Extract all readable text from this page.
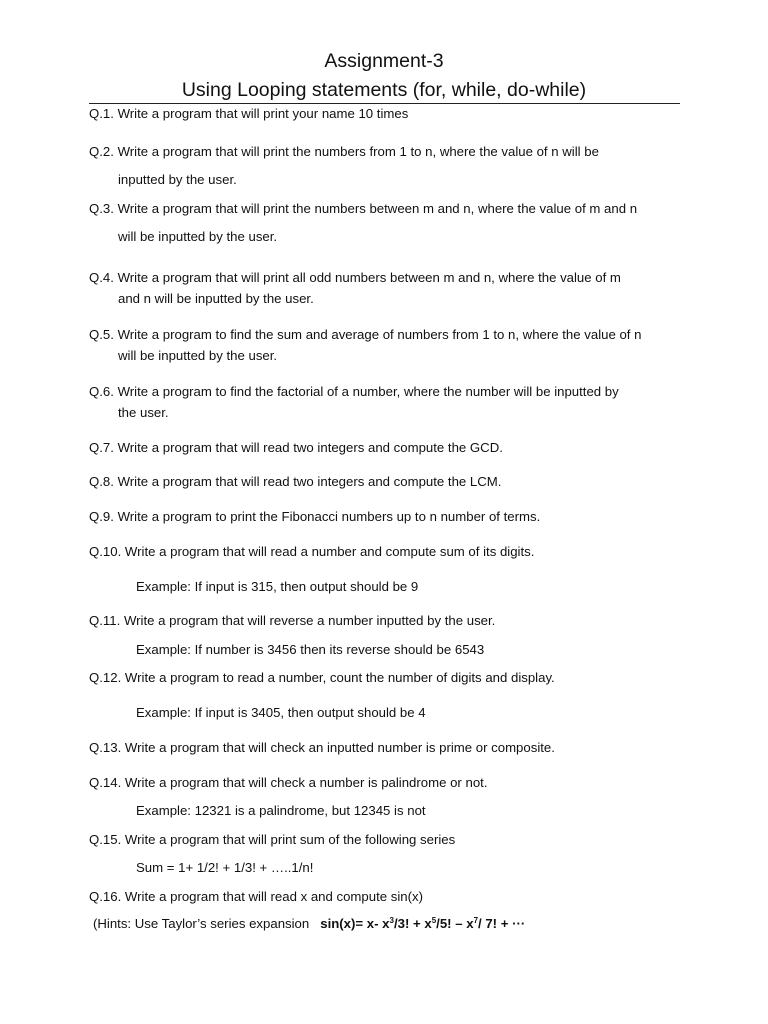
Assignment-3
Using Looping statements (for, while, do-while)
Q.1. Write a program that will print your name 10 times
Q.2. Write a program that will print the numbers from 1 to n, where the value of n will be
inputted by the user.
Q.3. Write a program that will print the numbers between m and n, where the value of m and n
will be inputted by the user.
Q.4. Write a program that will print all odd numbers between m and n, where the value of m
and n will be inputted by the user.
Q.5. Write a program to find the sum and average of numbers from 1 to n, where the value of n
will be inputted by the user.
Q.6. Write a program to find the factorial of a number, where the number will be inputted by
the user.
Q.7. Write a program that will read two integers and compute the GCD.
Q.8. Write a program that will read two integers and compute the LCM.
Q.9. Write a program to print the Fibonacci numbers up to n number of terms.
Q.10. Write a program that will read a number and compute sum of its digits.
Example: If input is 315, then output should be 9
Q.11. Write a program that will reverse a number inputted by the user.
Example: If number is 3456 then its reverse should be 6543
Q.12. Write a program to read a number, count the number of digits and display.
Example: If input is 3405, then output should be 4
Q.13. Write a program that will check an inputted number is prime or composite.
Q.14. Write a program that will check a number is palindrome or not.
Example: 12321 is a palindrome, but 12345 is not
Q.15. Write a program that will print sum of the following series
Sum = 1+ 1/2! + 1/3! + …..1/n!
Q.16. Write a program that will read x and compute sin(x)
(Hints: Use Taylor’s series expansion sin(x)= x- $x^3/3$! + $x^5/5$! – $x^7/$ 7! + ···
